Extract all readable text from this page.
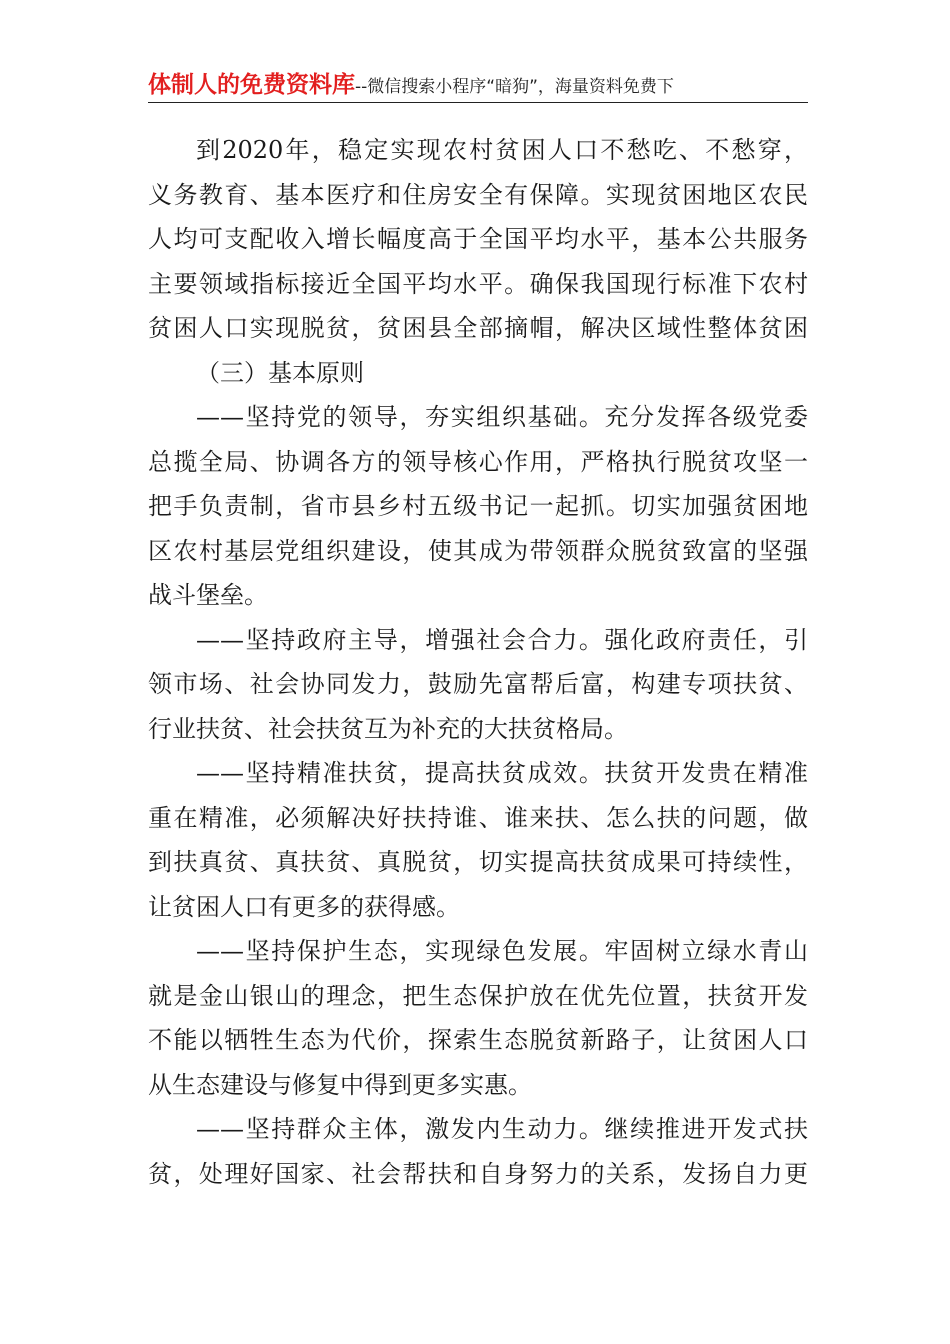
体制人的免费资料库--微信搜索小程序“暗狗”，海量资料免费下
到2020年，稳定实现农村贫困人口不愁吃、不愁穿，
义务教育、基本医疗和住房安全有保障。实现贫困地区农民
人均可支配收入增长幅度高于全国平均水平，基本公共服务
主要领域指标接近全国平均水平。确保我国现行标准下农村
贫困人口实现脱贫，贫困县全部摘帽，解决区域性整体贫困
（三）基本原则
——坚持党的领导，夯实组织基础。充分发挥各级党委
总揽全局、协调各方的领导核心作用，严格执行脱贫攻坚一
把手负责制，省市县乡村五级书记一起抓。切实加强贫困地
区农村基层党组织建设，使其成为带领群众脱贫致富的坚强
战斗堡垒。
——坚持政府主导，增强社会合力。强化政府责任，引
领市场、社会协同发力，鼓励先富帮后富，构建专项扶贫、
行业扶贫、社会扶贫互为补充的大扶贫格局。
——坚持精准扶贫，提高扶贫成效。扶贫开发贵在精准
重在精准，必须解决好扶持谁、谁来扶、怎么扶的问题，做
到扶真贫、真扶贫、真脱贫，切实提高扶贫成果可持续性，
让贫困人口有更多的获得感。
——坚持保护生态，实现绿色发展。牢固树立绿水青山
就是金山银山的理念，把生态保护放在优先位置，扶贫开发
不能以牺牲生态为代价，探索生态脱贫新路子，让贫困人口
从生态建设与修复中得到更多实惠。
——坚持群众主体，激发内生动力。继续推进开发式扶
贫，处理好国家、社会帮扶和自身努力的关系，发扬自力更
